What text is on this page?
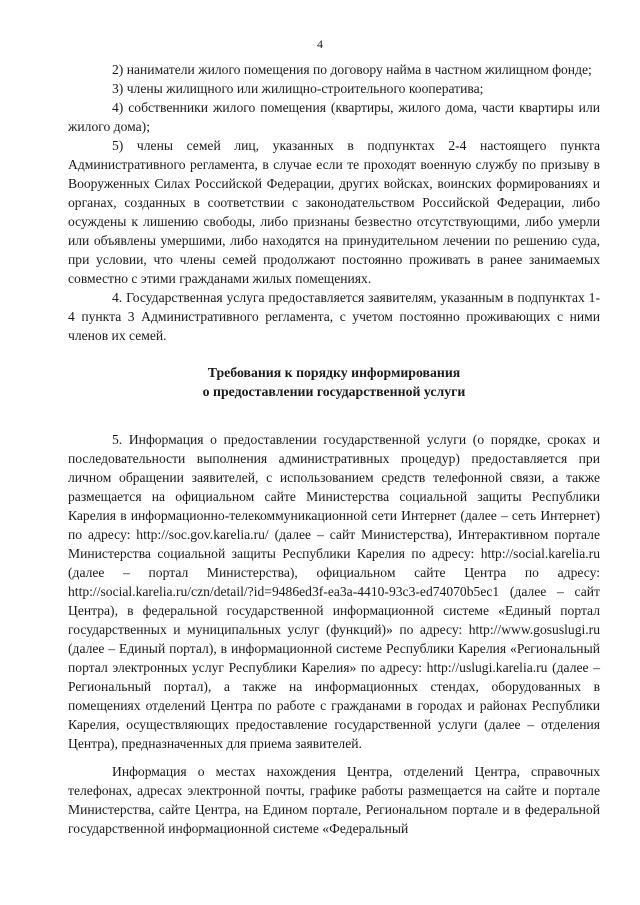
4

2) наниматели жилого помещения по договору найма в частном жилищном фонде;

3) члены жилищного или жилищно-строительного кооператива;

4) собственники жилого помещения (квартиры, жилого дома, части квартиры или жилого дома);

5) члены семей лиц, указанных в подпунктах 2-4 настоящего пункта Административного регламента, в случае если те проходят военную службу по призыву в Вооруженных Силах Российской Федерации, других войсках, воинских формированиях и органах, созданных в соответствии с законодательством Российской Федерации, либо осуждены к лишению свободы, либо признаны безвестно отсутствующими, либо умерли или объявлены умершими, либо находятся на принудительном лечении по решению суда, при условии, что члены семей продолжают постоянно проживать в ранее занимаемых совместно с этими гражданами жилых помещениях.

4. Государственная услуга предоставляется заявителям, указанным в подпунктах 1-4 пункта 3 Административного регламента, с учетом постоянно проживающих с ними членов их семей.

Требования к порядку информирования
о предоставлении государственной услуги

5. Информация о предоставлении государственной услуги (о порядке, сроках и последовательности выполнения административных процедур) предоставляется при личном обращении заявителей, с использованием средств телефонной связи, а также размещается на официальном сайте Министерства социальной защиты Республики Карелия в информационно-телекоммуникационной сети Интернет (далее – сеть Интернет) по адресу: http://soc.gov.karelia.ru/ (далее – сайт Министерства), Интерактивном портале Министерства социальной защиты Республики Карелия по адресу: http://social.karelia.ru (далее – портал Министерства), официальном сайте Центра по адресу: http://social.karelia.ru/czn/detail/?id=9486ed3f-ea3a-4410-93c3-ed74070b5ec1 (далее – сайт Центра), в федеральной государственной информационной системе «Единый портал государственных и муниципальных услуг (функций)» по адресу: http://www.gosuslugi.ru (далее – Единый портал), в информационной системе Республики Карелия «Региональный портал электронных услуг Республики Карелия» по адресу: http://uslugi.karelia.ru (далее – Региональный портал), а также на информационных стендах, оборудованных в помещениях отделений Центра по работе с гражданами в городах и районах Республики Карелия, осуществляющих предоставление государственной услуги (далее – отделения Центра), предназначенных для приема заявителей.

Информация о местах нахождения Центра, отделений Центра, справочных телефонах, адресах электронной почты, графике работы размещается на сайте и портале Министерства, сайте Центра, на Едином портале, Региональном портале и в федеральной государственной информационной системе «Федеральный
